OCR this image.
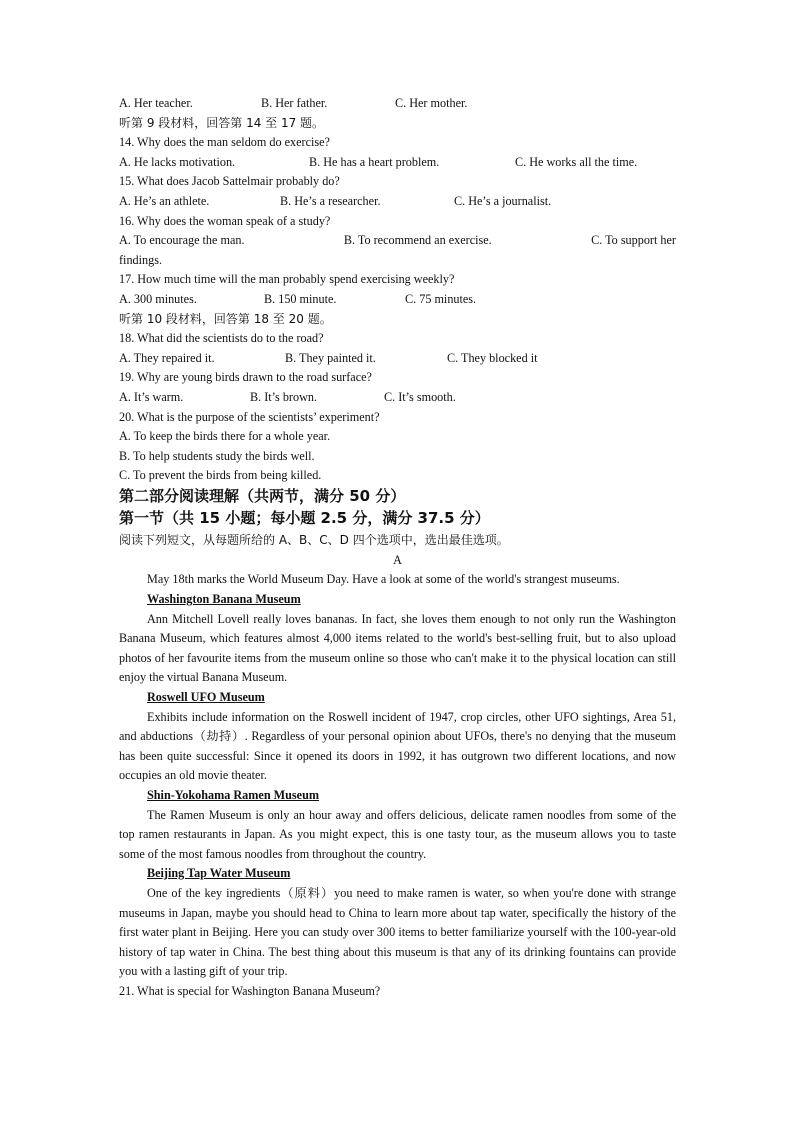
A. Her teacher.	B. Her father.	C. Her mother.
听第 9 段材料，回答第 14 至 17 题。
14. Why does the man seldom do exercise?
A. He lacks motivation.	B. He has a heart problem.	C. He works all the time.
15. What does Jacob Sattelmair probably do?
A. He’s an athlete.	B. He’s a researcher.	C. He’s a journalist.
16. Why does the woman speak of a study?
A. To encourage the man.	B. To recommend an exercise.	C. To support her
findings.
17. How much time will the man probably spend exercising weekly?
A. 300 minutes.	B. 150 minute.	C. 75 minutes.
听第 10 段材料，回答第 18 至 20 题。
18. What did the scientists do to the road?
A. They repaired it.	B. They painted it.	C. They blocked it
19. Why are young birds drawn to the road surface?
A. It’s warm.	B. It’s brown.	C. It’s smooth.
20. What is the purpose of the scientists’ experiment?
A. To keep the birds there for a whole year.
B. To help students study the birds well.
C. To prevent the birds from being killed.
第二部分阅读理解（共两节，满分 50 分）
第一节（共 15 小题；每小题 2.5 分，满分 37.5 分）
阅读下列短文，从每题所给的 A、B、C、D 四个选项中，选出最佳选项。
A

May 18th marks the World Museum Day. Have a look at some of the world's strangest museums.

Washington Banana Museum

Ann Mitchell Lovell really loves bananas. In fact, she loves them enough to not only run the Washington Banana Museum, which features almost 4,000 items related to the world's best-selling fruit, but to also upload photos of her favourite items from the museum online so those who can't make it to the physical location can still enjoy the virtual Banana Museum.

Roswell UFO Museum

Exhibits include information on the Roswell incident of 1947, crop circles, other UFO sightings, Area 51, and abductions（劫持）. Regardless of your personal opinion about UFOs, there's no denying that the museum has been quite successful: Since it opened its doors in 1992, it has outgrown two different locations, and now occupies an old movie theater.

Shin-Yokohama Ramen Museum

The Ramen Museum is only an hour away and offers delicious, delicate ramen noodles from some of the top ramen restaurants in Japan. As you might expect, this is one tasty tour, as the museum allows you to taste some of the most famous noodles from throughout the country.

Beijing Tap Water Museum

One of the key ingredients（原料）you need to make ramen is water, so when you're done with strange museums in Japan, maybe you should head to China to learn more about tap water, specifically the history of the first water plant in Beijing. Here you can study over 300 items to better familiarize yourself with the 100-year-old history of tap water in China. The best thing about this museum is that any of its drinking fountains can provide you with a lasting gift of your trip.

21. What is special for Washington Banana Museum?
